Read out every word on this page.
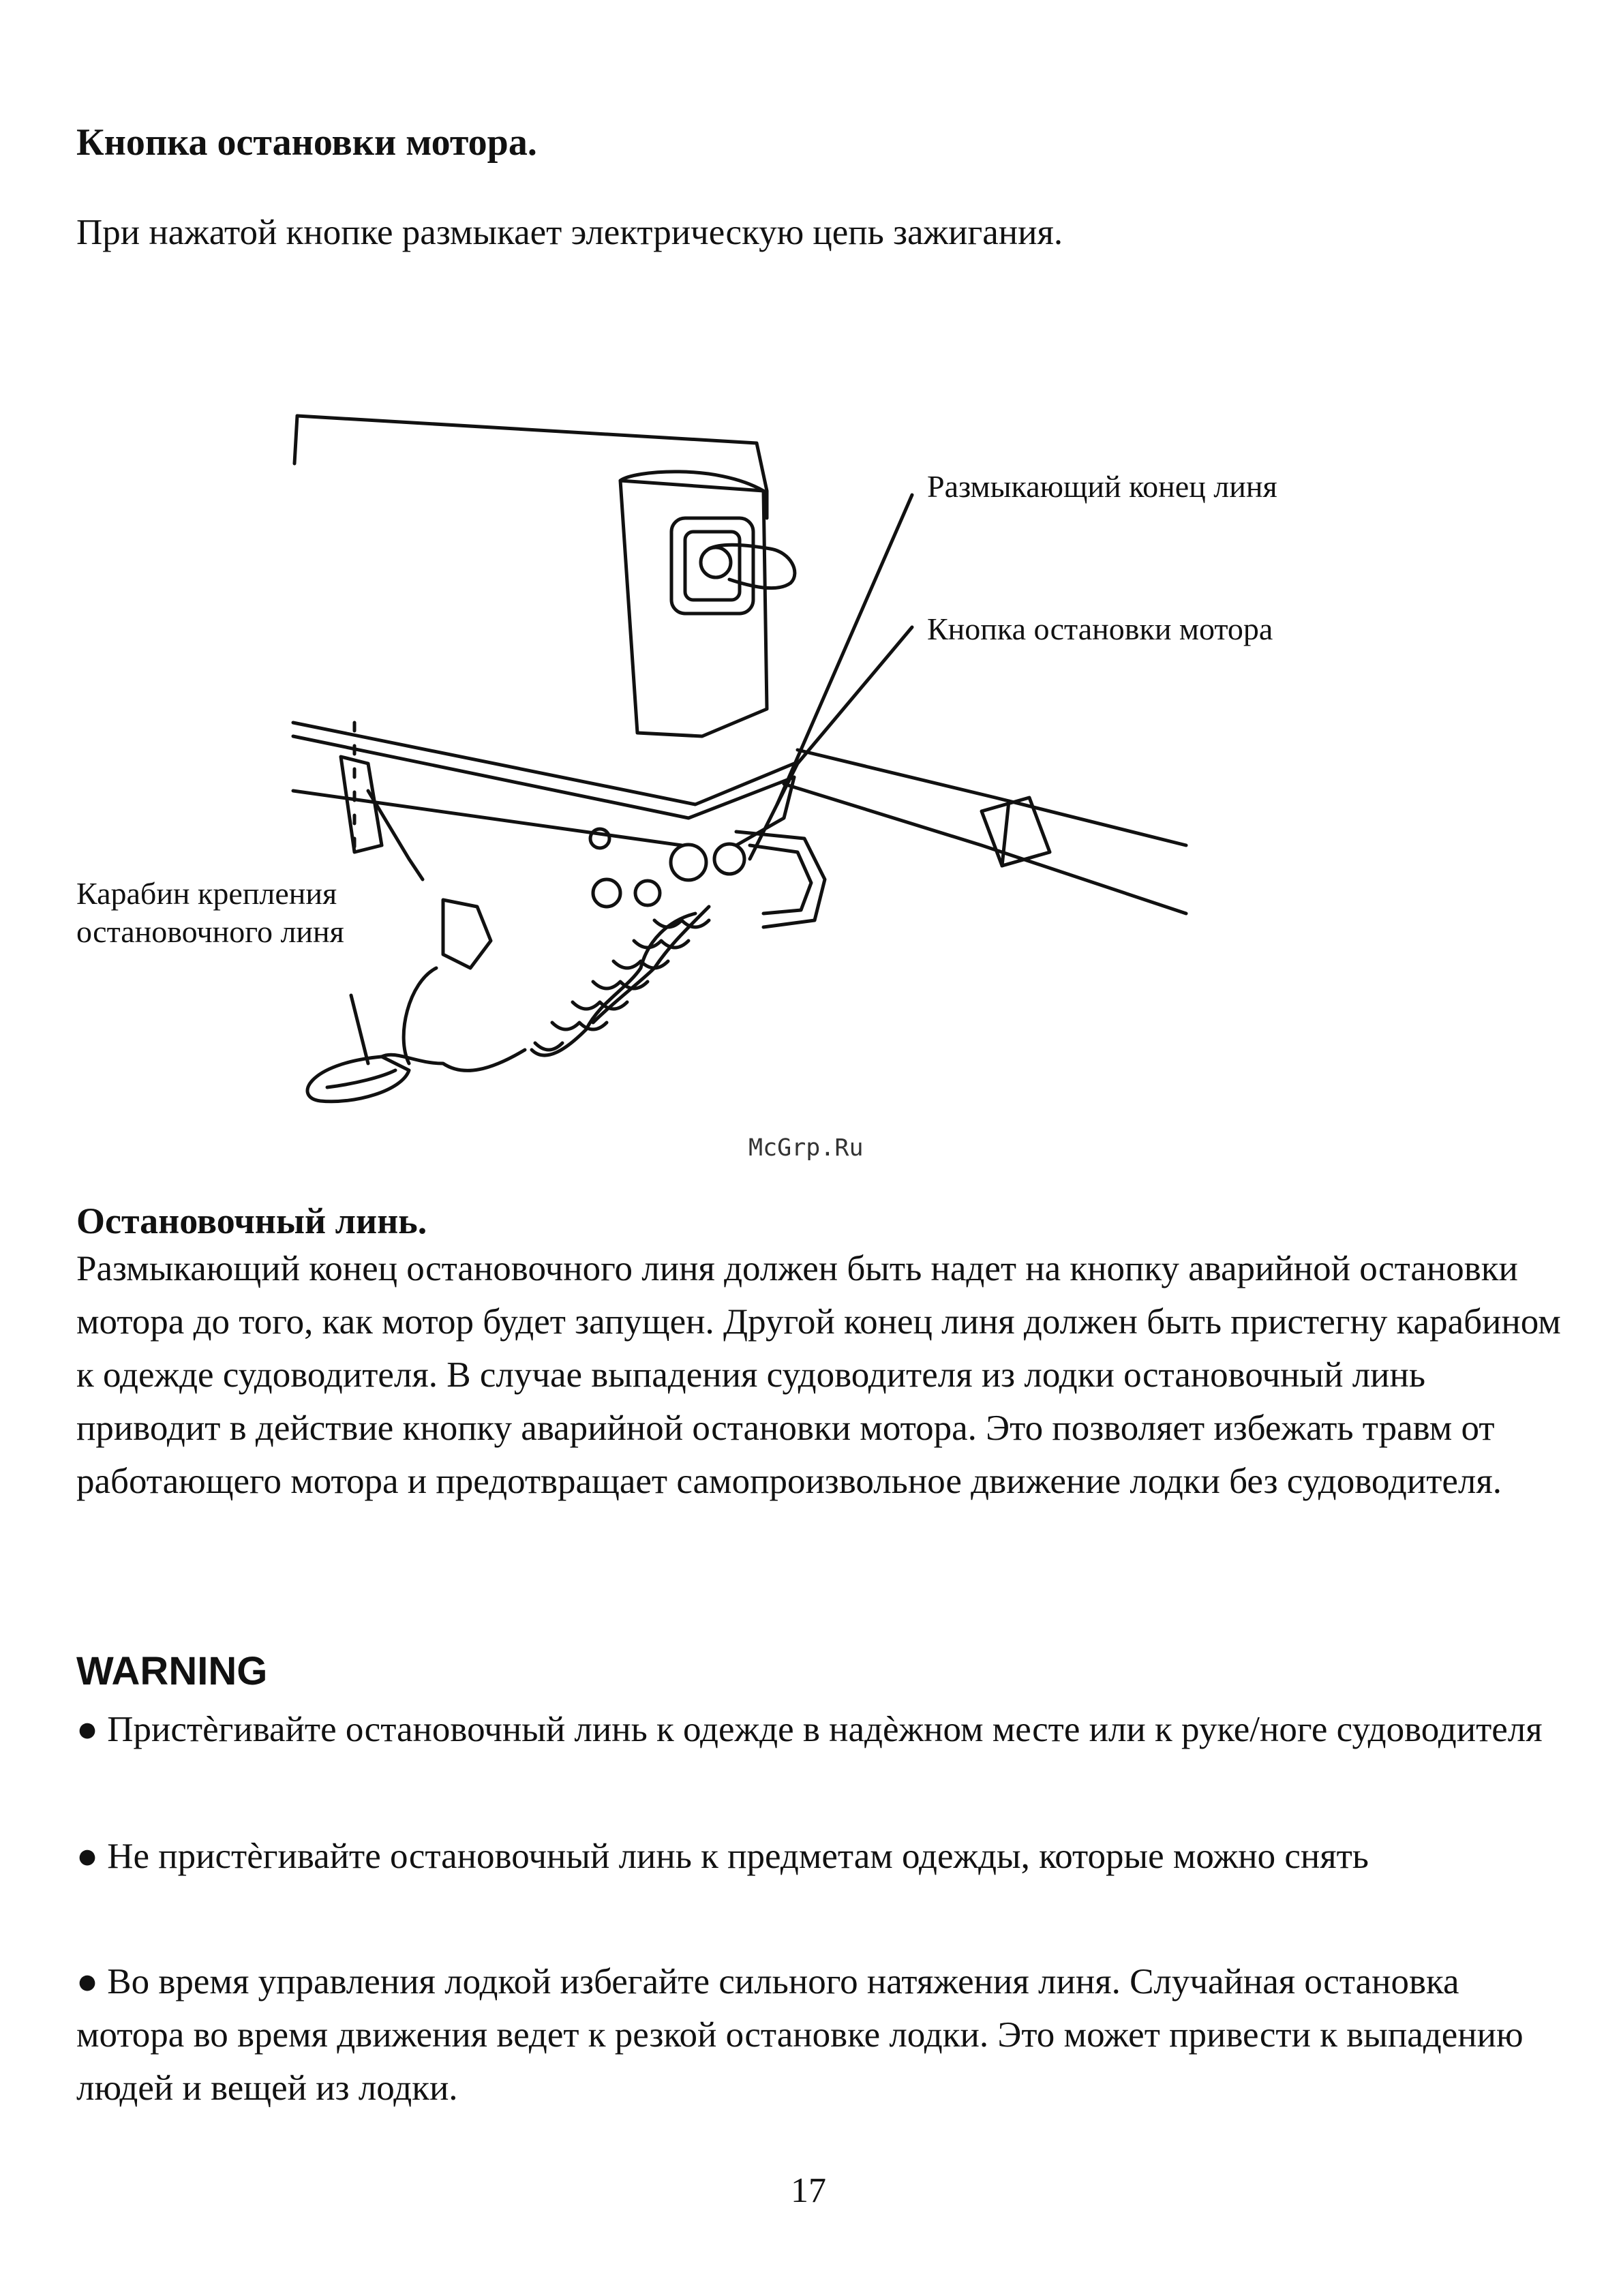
Кнопка остановки мотора.

При нажатой кнопке размыкает электрическую цепь зажигания.

Размыкающий конец линя
Кнопка остановки мотора
Карабин крепления
остановочного линя
McGrp.Ru
Остановочный линь.

Размыкающий конец остановочного линя должен быть надет на кнопку аварийной остановки мотора до того, как мотор будет запущен. Другой конец линя должен быть пристегну карабином к одежде судоводителя. В случае выпадения судоводителя из лодки остановочный линь приводит в действие кнопку аварийной остановки мотора. Это позволяет избежать травм от работающего мотора и предотвращает самопроизвольное движение лодки без судоводителя.

WARNING

● Пристѐгивайте остановочный линь к одежде в надѐжном месте или к руке/ноге судоводителя

● Не пристѐгивайте остановочный линь к предметам одежды, которые можно снять

● Во время управления лодкой избегайте сильного натяжения линя. Случайная остановка мотора во время движения ведет к резкой остановке лодки. Это может привести к выпадению людей и вещей из лодки.

17
